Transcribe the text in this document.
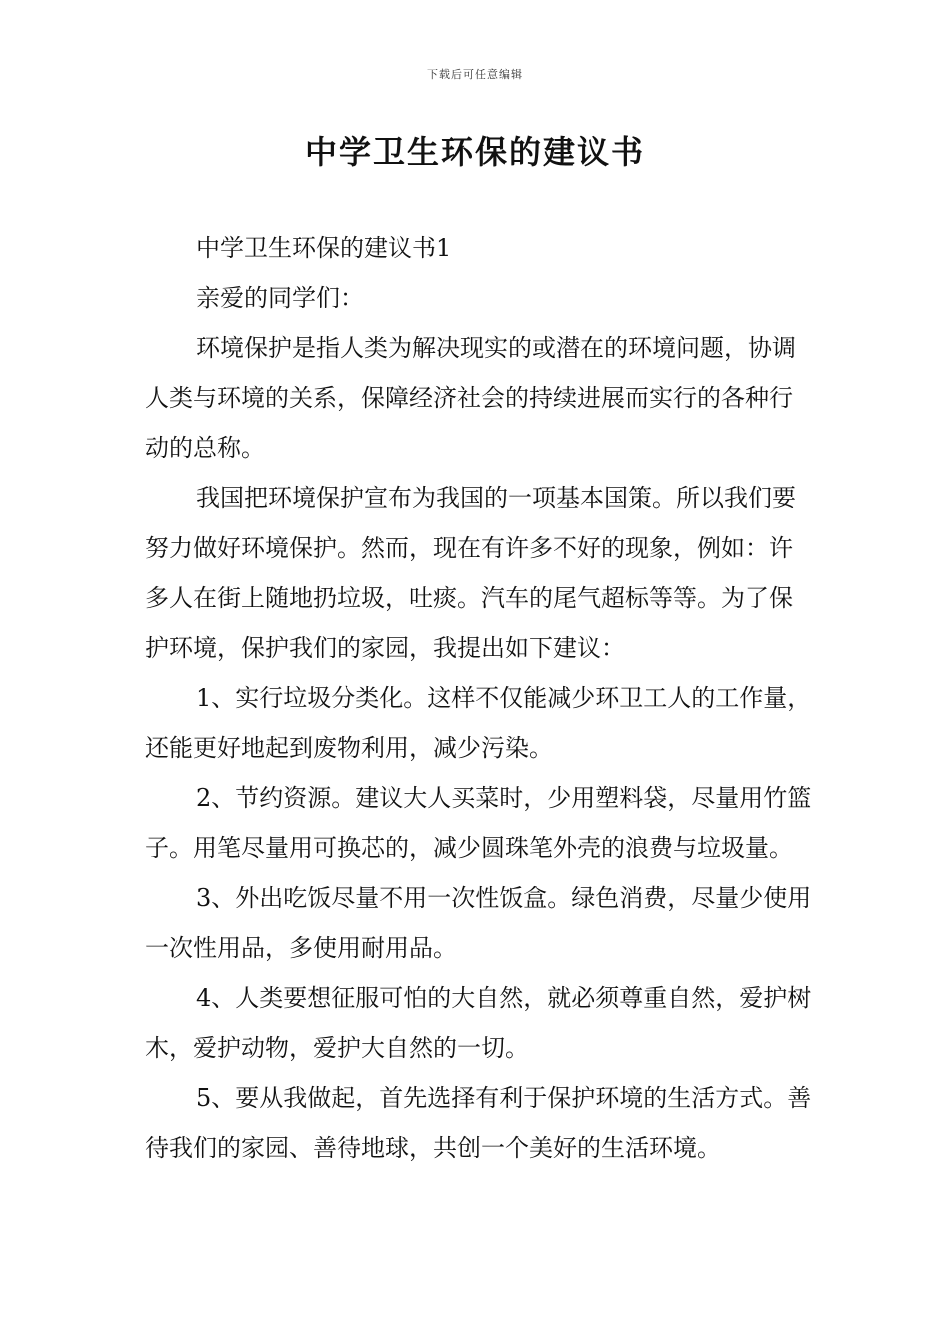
下载后可任意编辑
中学卫生环保的建议书

中学卫生环保的建议书1

亲爱的同学们：

环境保护是指人类为解决现实的或潜在的环境问题，协调人类与环境的关系，保障经济社会的持续进展而实行的各种行动的总称。

我国把环境保护宣布为我国的一项基本国策。所以我们要努力做好环境保护。然而，现在有许多不好的现象，例如：许多人在街上随地扔垃圾，吐痰。汽车的尾气超标等等。为了保护环境，保护我们的家园，我提出如下建议：

1、实行垃圾分类化。这样不仅能减少环卫工人的工作量，还能更好地起到废物利用，减少污染。

2、节约资源。建议大人买菜时，少用塑料袋，尽量用竹篮子。用笔尽量用可换芯的，减少圆珠笔外壳的浪费与垃圾量。

3、外出吃饭尽量不用一次性饭盒。绿色消费，尽量少使用一次性用品，多使用耐用品。

4、人类要想征服可怕的大自然，就必须尊重自然，爱护树木，爱护动物，爱护大自然的一切。

5、要从我做起，首先选择有利于保护环境的生活方式。善待我们的家园、善待地球，共创一个美好的生活环境。
